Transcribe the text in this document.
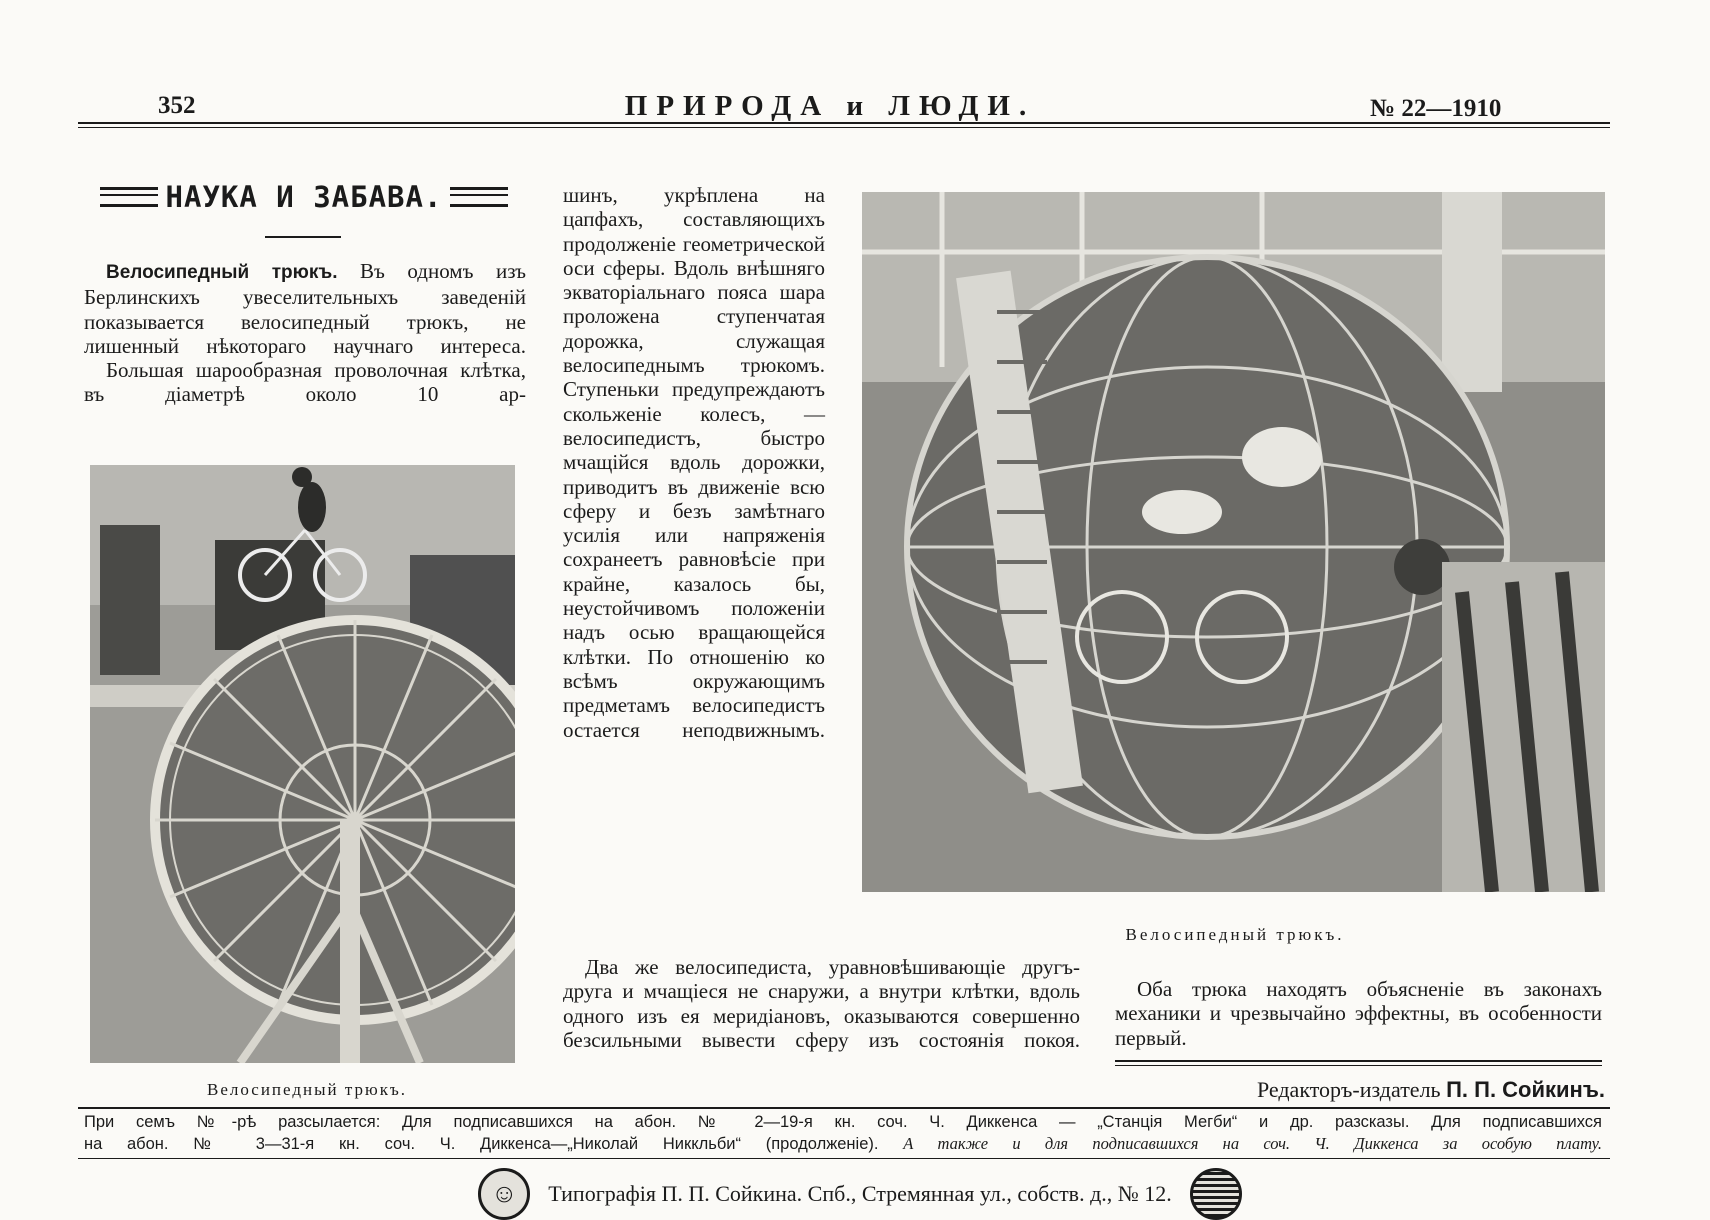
352	ПРИРОДА и ЛЮДИ.	№ 22—1910
НАУКА И ЗАБАВА.

Велосипедный трюкъ. Въ одномъ изъ Берлинскихъ увеселительныхъ заведеній показывается велосипедный трюкъ, не лишенный нѣкотораго научнаго интереса.

Большая шарообразная проволочная клѣтка, въ діаметрѣ около 10 ар-

Велосипедный трюкъ.

шинъ, укрѣплена на цапфахъ, составляющихъ продолженіе геометрической оси сферы. Вдоль внѣшняго экваторіальнаго пояса шара проложена ступенчатая дорожка, служащая велосипеднымъ трюкомъ. Ступеньки предупреждаютъ скольженіе колесъ, — велосипедистъ, быстро мчащійся вдоль дорожки, приводитъ въ движеніе всю сферу и безъ замѣтнаго усилія или напряженія сохранеетъ равновѣсіе при крайне, казалось бы, неустойчивомъ положеніи надъ осью вращающейся клѣтки. По отношенію ко всѣмъ окружающимъ предметамъ велосипедистъ остается неподвижнымъ.

Велосипедный трюкъ.

Два же велосипедиста, уравновѣшивающіе другъ-друга и мчащіеся не снаружи, а внутри клѣтки, вдоль одного изъ ея меридіановъ, оказываются совершенно безсильными вывести сферу изъ состоянія покоя.

Оба трюка находятъ объясненіе въ законахъ механики и чрезвычайно эффектны, въ особенности первый.

Редакторъ-издатель П. П. Сойкинъ.
При семъ №-рѣ разсылается: Для подписавшихся на абон. № 2—19-я кн. соч. Ч. Диккенса — „Станція Мегби“ и др. разсказы. Для подписавшихся
на абон. № 3—31-я кн. соч. Ч. Диккенса—„Николай Никкльби“ (продолженіе). А также и для подписавшихся на соч. Ч. Диккенса за особую плату.
☺	Типографія П. П. Сойкина. Спб., Стремянная ул., собств. д., № 12.
